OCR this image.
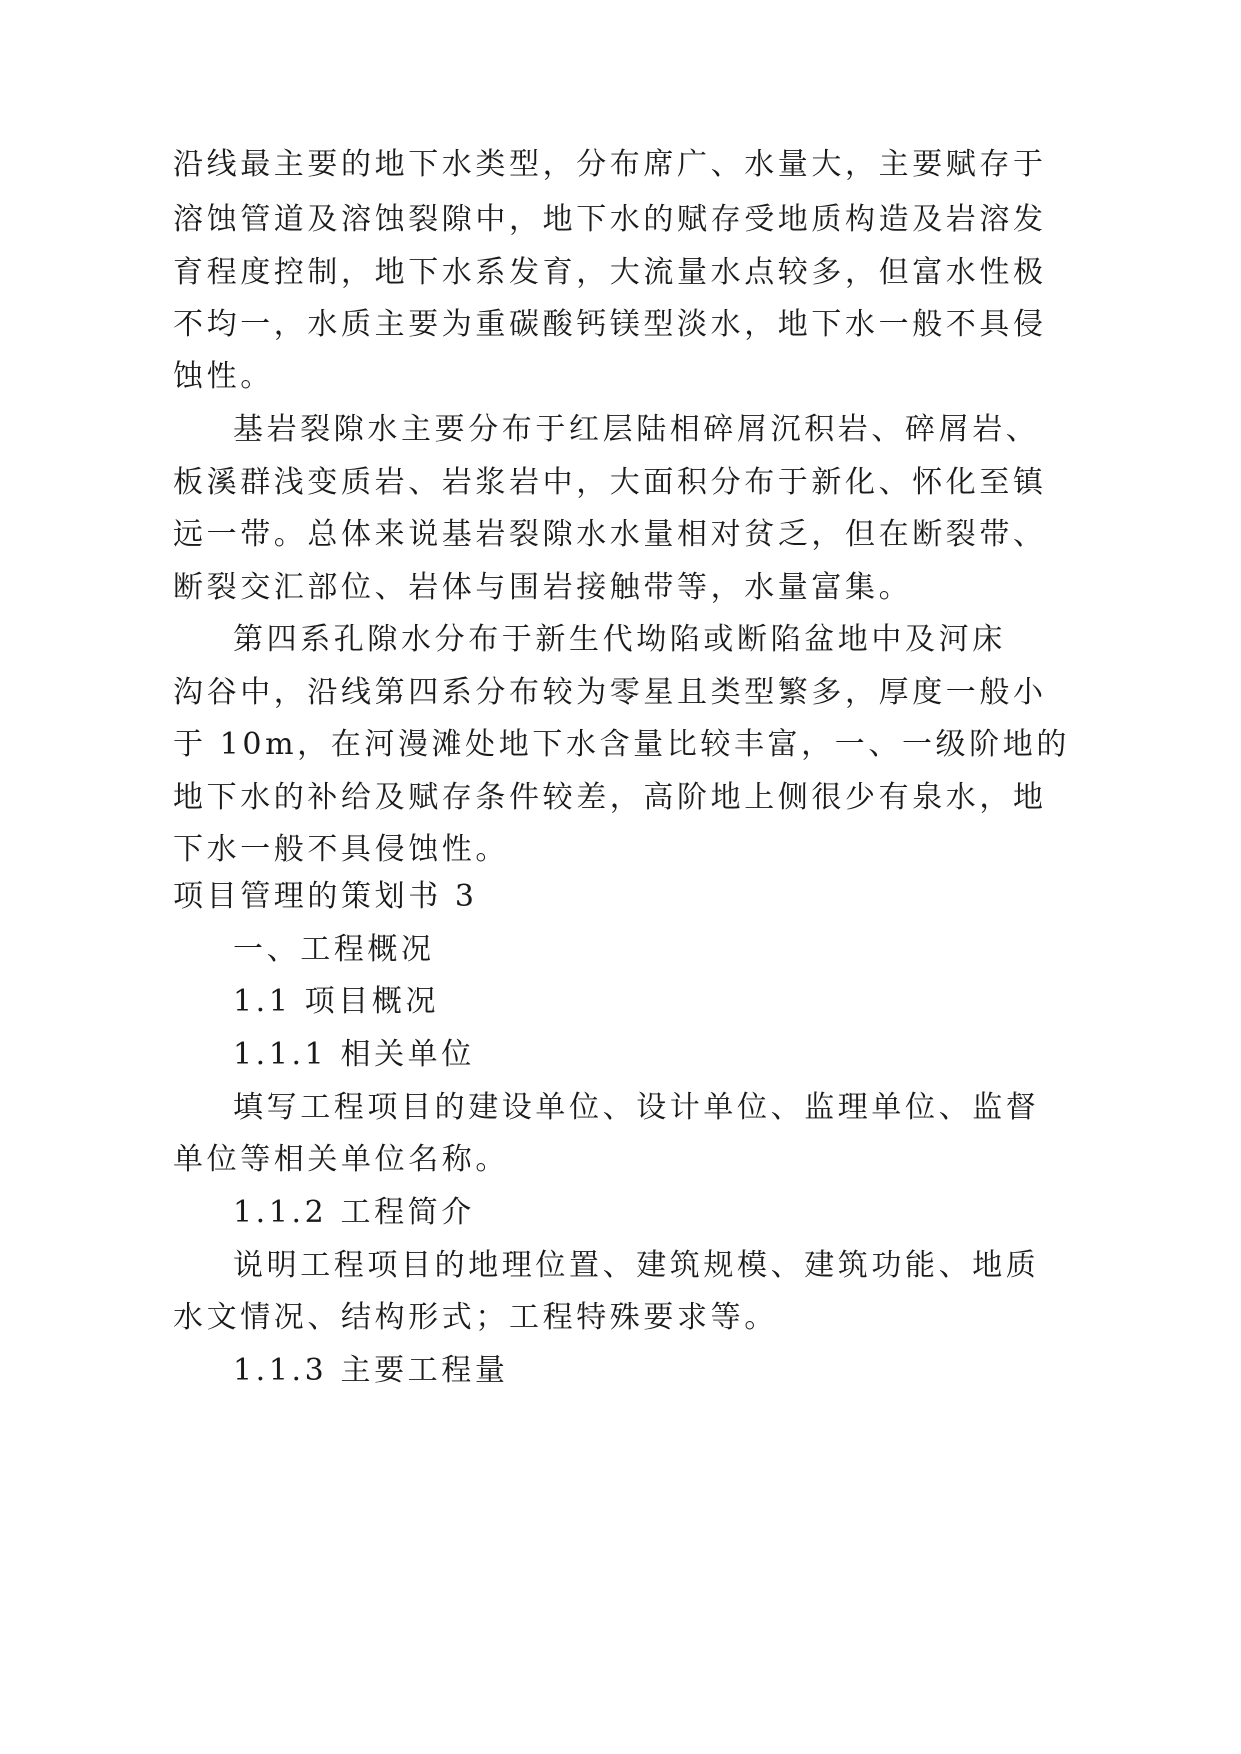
沿线最主要的地下水类型，分布席广、水量大，主要赋存于
溶蚀管道及溶蚀裂隙中，地下水的赋存受地质构造及岩溶发
育程度控制，地下水系发育，大流量水点较多，但富水性极
不均一，水质主要为重碳酸钙镁型淡水，地下水一般不具侵
蚀性。
基岩裂隙水主要分布于红层陆相碎屑沉积岩、碎屑岩、
板溪群浅变质岩、岩浆岩中，大面积分布于新化、怀化至镇
远一带。总体来说基岩裂隙水水量相对贫乏，但在断裂带、
断裂交汇部位、岩体与围岩接触带等，水量富集。
第四系孔隙水分布于新生代坳陷或断陷盆地中及河床
沟谷中，沿线第四系分布较为零星且类型繁多，厚度一般小
于 10m，在河漫滩处地下水含量比较丰富，一、一级阶地的
地下水的补给及赋存条件较差，高阶地上侧很少有泉水，地
下水一般不具侵蚀性。
项目管理的策划书 3
一、工程概况
1.1 项目概况
1.1.1 相关单位
填写工程项目的建设单位、设计单位、监理单位、监督
单位等相关单位名称。
1.1.2 工程简介
说明工程项目的地理位置、建筑规模、建筑功能、地质
水文情况、结构形式；工程特殊要求等。
1.1.3 主要工程量
